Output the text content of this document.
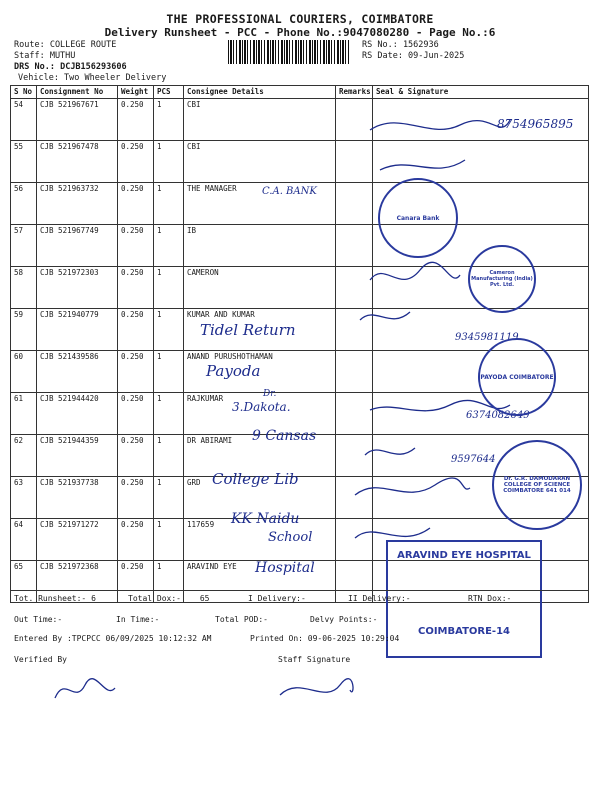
THE PROFESSIONAL COURIERS, COIMBATORE
Delivery Runsheet - PCC - Phone No.:9047080280 - Page No.:6
Route: COLLEGE ROUTE
Staff: MUTHU
DRS No.: DCJB156293606
Vehicle: Two Wheeler Delivery
RS No.: 1562936
RS Date: 09-Jun-2025
S No	Consignment No	Weight	PCS	Consignee Details	Remarks	Seal & Signature
54	CJB 521967671	0.250	1	CBI		
55	CJB 521967478	0.250	1	CBI		
56	CJB 521963732	0.250	1	THE MANAGER		
57	CJB 521967749	0.250	1	IB		
58	CJB 521972303	0.250	1	CAMERON		
59	CJB 521940779	0.250	1	KUMAR AND KUMAR		
60	CJB 521439586	0.250	1	ANAND PURUSHOTHAMAN		
61	CJB 521944420	0.250	1	RAJKUMAR		
62	CJB 521944359	0.250	1	DR ABIRAMI		
63	CJB 521937738	0.250	1	GRD		
64	CJB 521971272	0.250	1	117659		
65	CJB 521972368	0.250	1	ARAVIND EYE		
C.A. BANK
Tidel Return
Payoda
Dr.
3.Dakota.
9 Cansas
College Lib
KK Naidu
School
Hospital
8754965895
9345981119
6374082649
9597644
Canara Bank
Cameron Manufacturing (India) Pvt. Ltd.
PAYODA COIMBATORE
Dr. G.R. DAMODARAN COLLEGE OF SCIENCE
COIMBATORE 641 014
ARAVIND EYE HOSPITAL
COIMBATORE-14
Tot. Runsheet:- 6	Total Dox:- 65	I Delivery:-	II Delivery:-	RTN Dox:-
Out Time:-	In Time:-	Total POD:-	Delvy Points:-
Entered By :TPCPCC 06/09/2025 10:12:32 AM	Printed On: 09-06-2025 10:29:04
Verified By	Staff Signature
